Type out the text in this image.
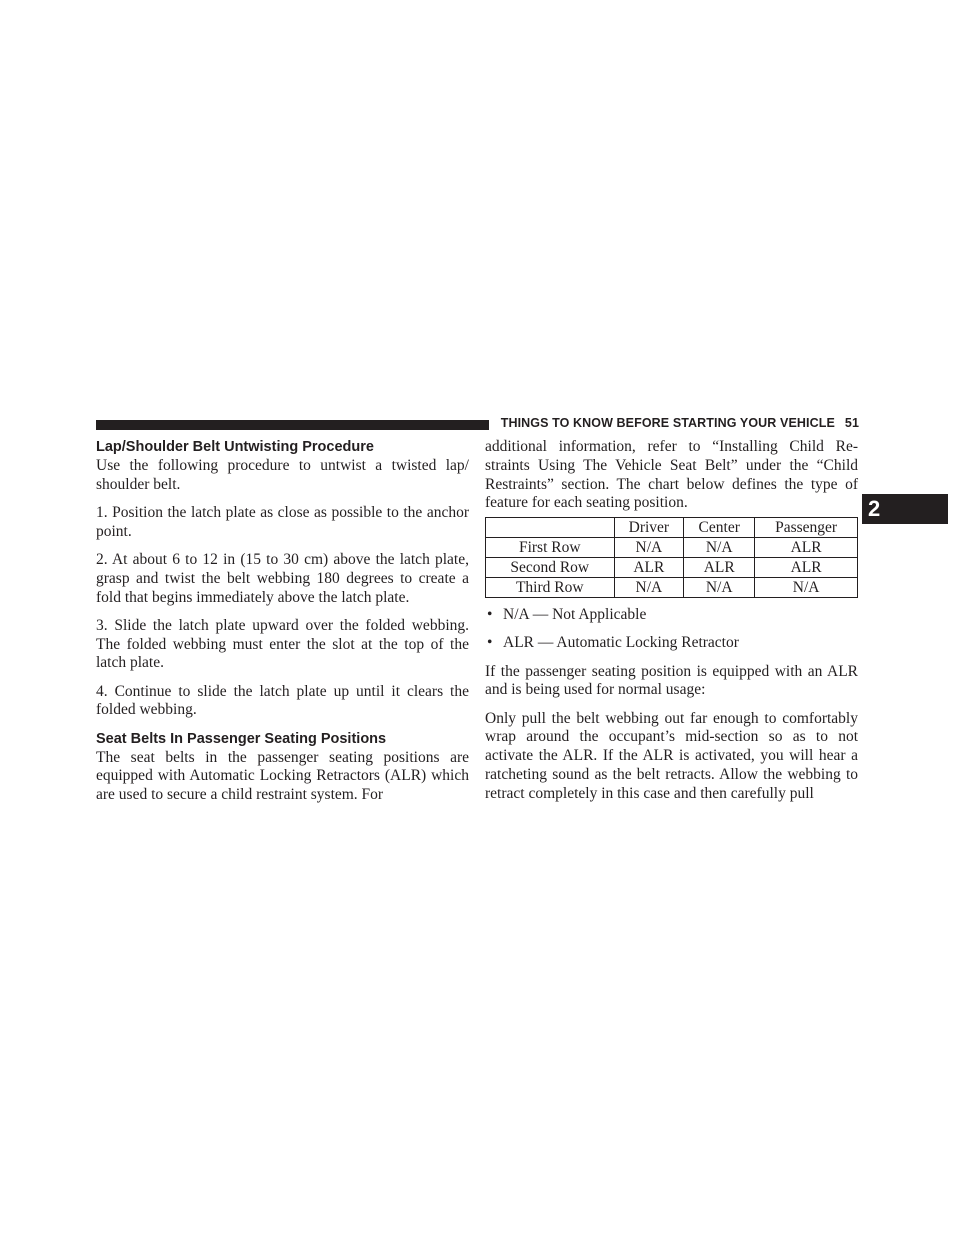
THINGS TO KNOW BEFORE STARTING YOUR VEHICLE 51
2
Lap/Shoulder Belt Untwisting Procedure

Use the following procedure to untwist a twisted lap/ shoulder belt.

1. Position the latch plate as close as possible to the anchor point.

2. At about 6 to 12 in (15 to 30 cm) above the latch plate, grasp and twist the belt webbing 180 degrees to create a fold that begins immediately above the latch plate.

3. Slide the latch plate upward over the folded webbing. The folded webbing must enter the slot at the top of the latch plate.

4. Continue to slide the latch plate up until it clears the folded webbing.

Seat Belts In Passenger Seating Positions

The seat belts in the passenger seating positions are equipped with Automatic Locking Retractors (ALR) which are used to secure a child restraint system. For

additional information, refer to “Installing Child Re- straints Using The Vehicle Seat Belt” under the “Child Restraints” section. The chart below defines the type of feature for each seating position.

	Driver	Center	Passenger
First Row	N/A	N/A	ALR
Second Row	ALR	ALR	ALR
Third Row	N/A	N/A	N/A
• N/A — Not Applicable
• ALR — Automatic Locking Retractor

If the passenger seating position is equipped with an ALR and is being used for normal usage:

Only pull the belt webbing out far enough to comfortably wrap around the occupant’s mid-section so as to not activate the ALR. If the ALR is activated, you will hear a ratcheting sound as the belt retracts. Allow the webbing to retract completely in this case and then carefully pull
